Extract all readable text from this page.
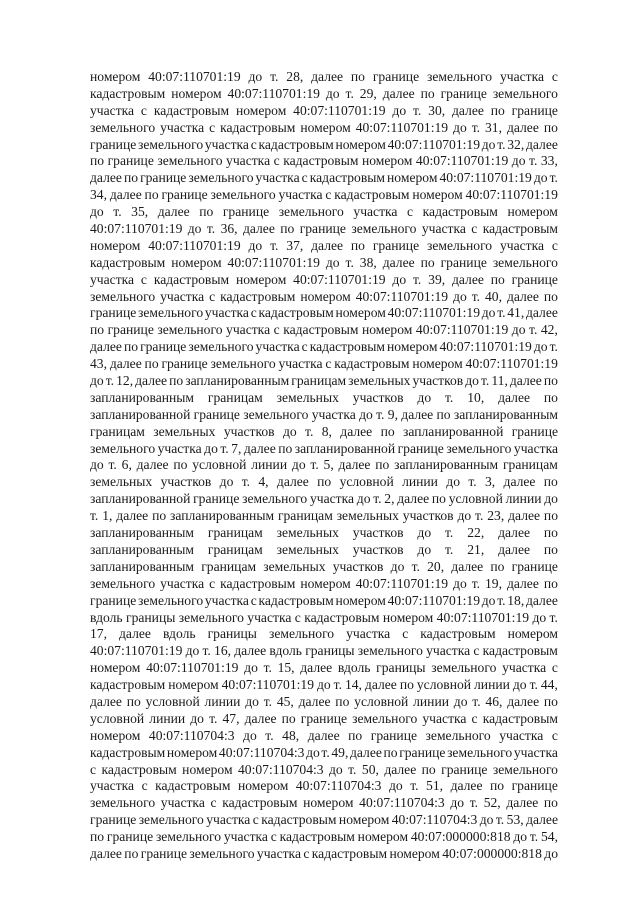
номером 40:07:110701:19 до т. 28, далее по границе земельного участка с
кадастровым номером 40:07:110701:19 до т. 29, далее по границе земельного
участка с кадастровым номером 40:07:110701:19 до т. 30, далее по границе
земельного участка с кадастровым номером 40:07:110701:19 до т. 31, далее по
границе земельного участка с кадастровым номером 40:07:110701:19 до т. 32, далее
по границе земельного участка с кадастровым номером 40:07:110701:19 до т. 33,
далее по границе земельного участка с кадастровым номером 40:07:110701:19 до т.
34, далее по границе земельного участка с кадастровым номером 40:07:110701:19
до т. 35, далее по границе земельного участка с кадастровым номером
40:07:110701:19 до т. 36, далее по границе земельного участка с кадастровым
номером 40:07:110701:19 до т. 37, далее по границе земельного участка с
кадастровым номером 40:07:110701:19 до т. 38, далее по границе земельного
участка с кадастровым номером 40:07:110701:19 до т. 39, далее по границе
земельного участка с кадастровым номером 40:07:110701:19 до т. 40, далее по
границе земельного участка с кадастровым номером 40:07:110701:19 до т. 41, далее
по границе земельного участка с кадастровым номером 40:07:110701:19 до т. 42,
далее по границе земельного участка с кадастровым номером 40:07:110701:19 до т.
43, далее по границе земельного участка с кадастровым номером 40:07:110701:19
до т. 12, далее по запланированным границам земельных участков до т. 11, далее по
запланированным границам земельных участков до т. 10, далее по
запланированной границе земельного участка до т. 9, далее по запланированным
границам земельных участков до т. 8, далее по запланированной границе
земельного участка до т. 7, далее по запланированной границе земельного участка
до т. 6, далее по условной линии до т. 5, далее по запланированным границам
земельных участков до т. 4, далее по условной линии до т. 3, далее по
запланированной границе земельного участка до т. 2, далее по условной линии до
т. 1, далее по запланированным границам земельных участков до т. 23, далее по
запланированным границам земельных участков до т. 22, далее по
запланированным границам земельных участков до т. 21, далее по
запланированным границам земельных участков до т. 20, далее по границе
земельного участка с кадастровым номером 40:07:110701:19 до т. 19, далее по
границе земельного участка с кадастровым номером 40:07:110701:19 до т. 18, далее
вдоль границы земельного участка с кадастровым номером 40:07:110701:19 до т.
17, далее вдоль границы земельного участка с кадастровым номером
40:07:110701:19 до т. 16, далее вдоль границы земельного участка с кадастровым
номером 40:07:110701:19 до т. 15, далее вдоль границы земельного участка с
кадастровым номером 40:07:110701:19 до т. 14, далее по условной линии до т. 44,
далее по условной линии до т. 45, далее по условной линии до т. 46, далее по
условной линии до т. 47, далее по границе земельного участка с кадастровым
номером 40:07:110704:3 до т. 48, далее по границе земельного участка с
кадастровым номером 40:07:110704:3 до т. 49, далее по границе земельного участка
с кадастровым номером 40:07:110704:3 до т. 50, далее по границе земельного
участка с кадастровым номером 40:07:110704:3 до т. 51, далее по границе
земельного участка с кадастровым номером 40:07:110704:3 до т. 52, далее по
границе земельного участка с кадастровым номером 40:07:110704:3 до т. 53, далее
по границе земельного участка с кадастровым номером 40:07:000000:818 до т. 54,
далее по границе земельного участка с кадастровым номером 40:07:000000:818 до
